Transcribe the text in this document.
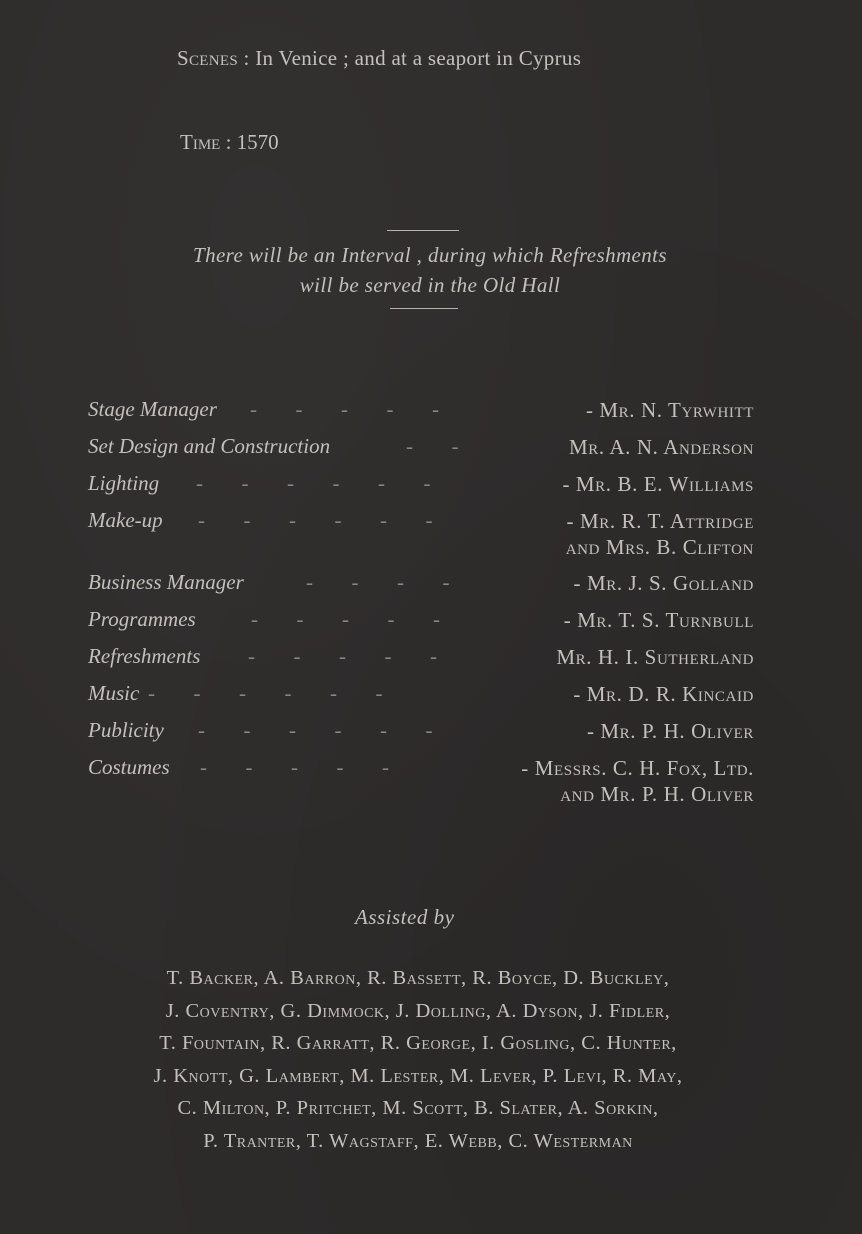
Scenes : In Venice ; and at a seaport in Cyprus
Time : 1570
There will be an Interval , during which Refreshments
will be served in the Old Hall
Stage Manager -      -      -      -      -	- Mr. N. Tyrwhitt
Set Design and Construction	-      -	Mr. A. N. Anderson
Lighting -      -      -      -      -      -	- Mr. B. E. Williams
Make-up -      -      -      -      -      -	- Mr. R. T. Attridge
and Mrs. B. Clifton
Business Manager	-      -      -      -	- Mr. J. S. Golland
Programmes	-      -      -      -      -	- Mr. T. S. Turnbull
Refreshments -      -      -      -      -	Mr. H. I. Sutherland
Music -      -      -      -      -      -	- Mr. D. R. Kincaid
Publicity -      -      -      -      -      -	- Mr. P. H. Oliver
Costumes -      -      -      -      -	- Messrs. C. H. Fox, Ltd.
and Mr. P. H. Oliver
Assisted by
T. Backer, A. Barron, R. Bassett, R. Boyce, D. Buckley,
J. Coventry, G. Dimmock, J. Dolling, A. Dyson, J. Fidler,
T. Fountain, R. Garratt, R. George, I. Gosling, C. Hunter,
J. Knott, G. Lambert, M. Lester, M. Lever, P. Levi, R. May,
C. Milton, P. Pritchet, M. Scott, B. Slater, A. Sorkin,
P. Tranter, T. Wagstaff, E. Webb, C. Westerman
